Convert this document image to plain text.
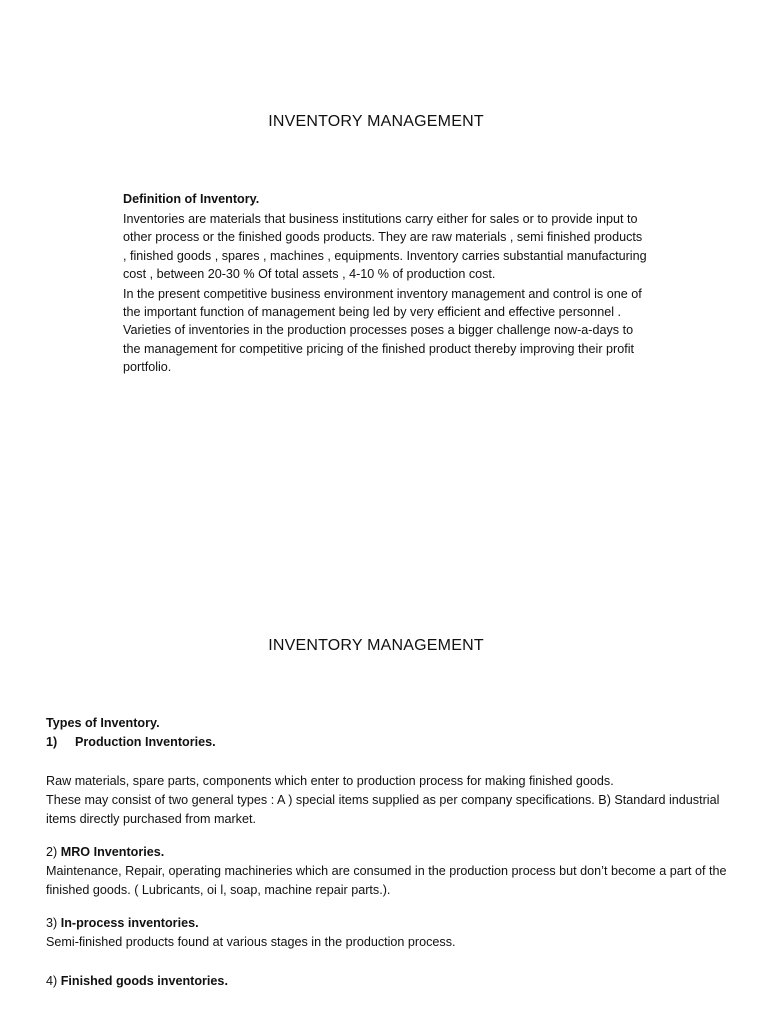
INVENTORY MANAGEMENT
Definition of Inventory.

Inventories are materials that business institutions carry either for sales or to provide input to other process or the finished goods products. They are raw materials , semi finished products , finished goods , spares , machines , equipments. Inventory carries substantial manufacturing cost , between 20-30 % Of total assets , 4-10 % of production cost.

In the present competitive business environment inventory management and control is one of the important function of management being led by very efficient and effective personnel . Varieties of inventories in the production processes poses a bigger challenge now-a-days to the management for competitive pricing of the finished product thereby improving their profit portfolio.

INVENTORY MANAGEMENT
Types of Inventory.
1)	Production Inventories.
Raw materials, spare parts, components which enter to production process for making finished goods.
These may consist of two general types : A ) special items supplied as per company specifications. B) Standard industrial items directly purchased from market.
2) MRO Inventories.
Maintenance, Repair, operating machineries which are consumed in the production process but don’t become a part of the finished goods. ( Lubricants, oi l, soap, machine repair parts.).
3) In-process inventories.
Semi-finished products found at various stages in the production process.
4) Finished goods inventories.
